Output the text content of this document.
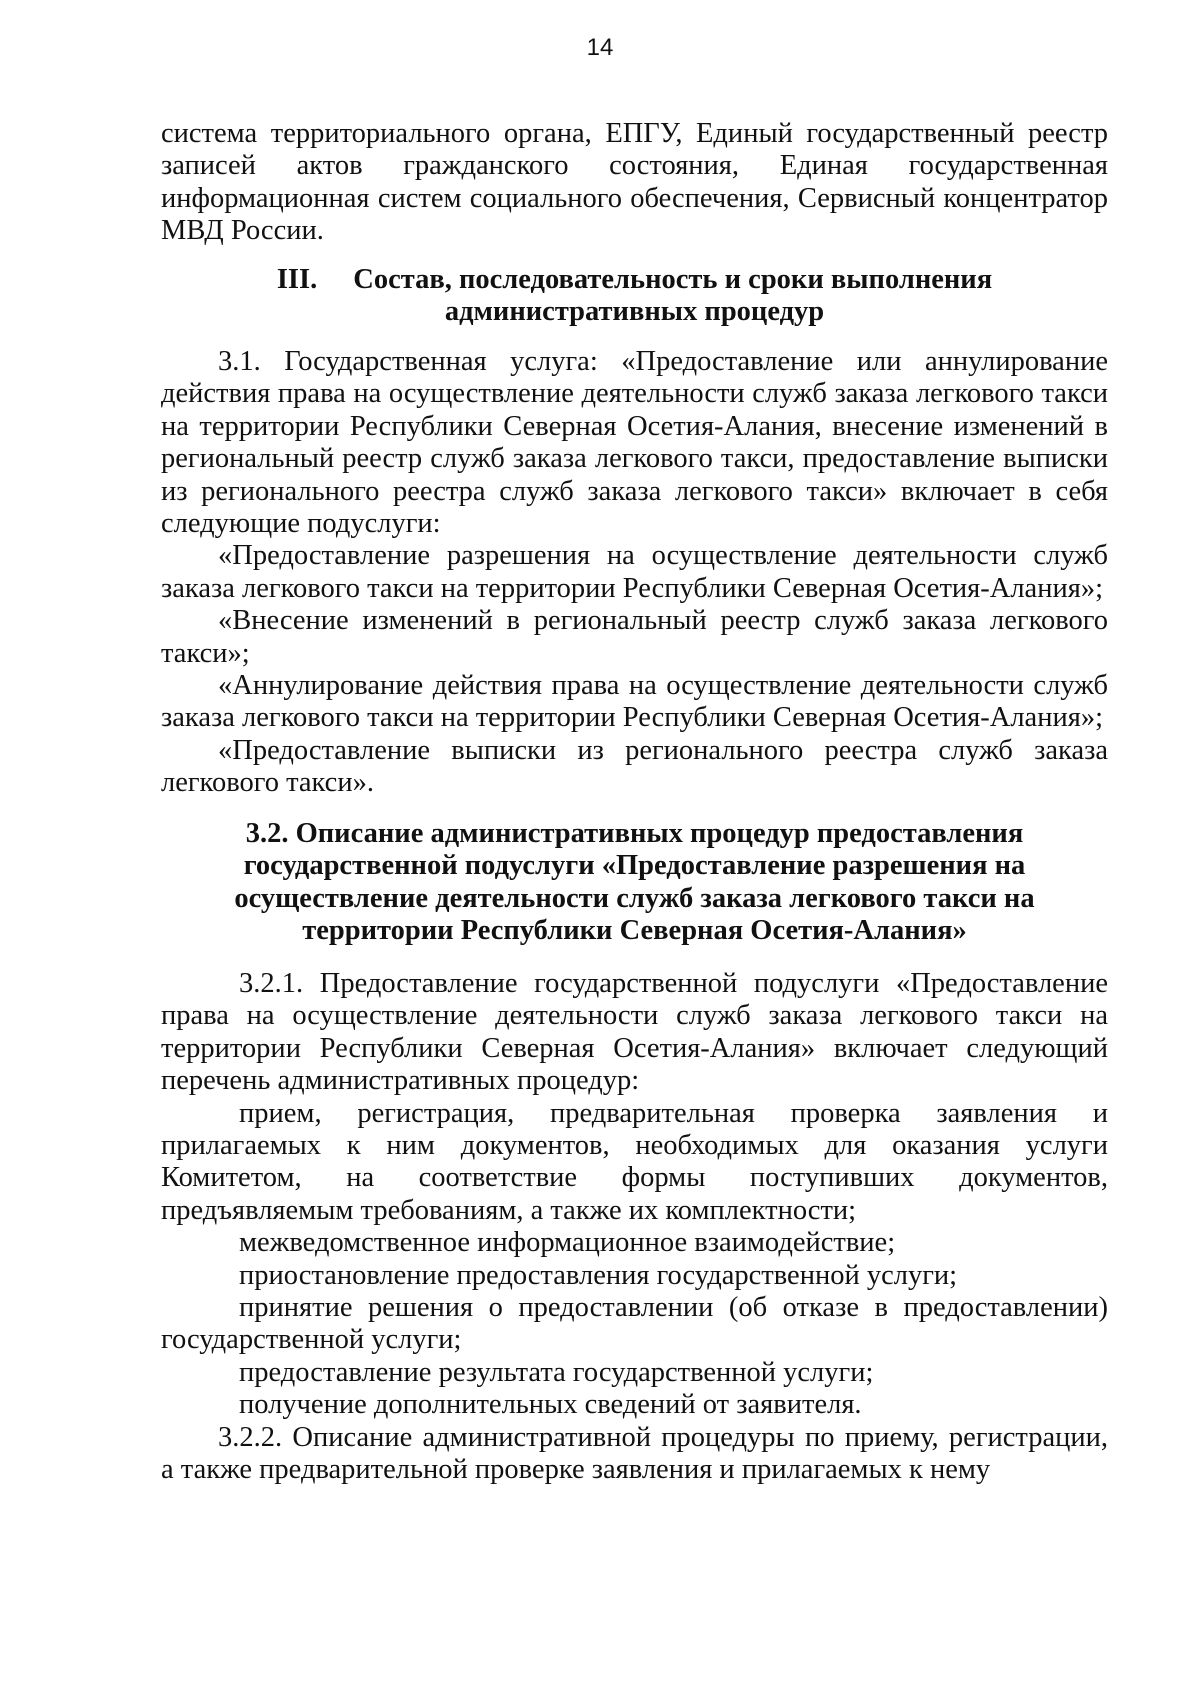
14

система территориального органа, ЕПГУ, Единый государственный реестр записей актов гражданского состояния, Единая государственная информационная систем социального обеспечения, Сервисный концентратор МВД России.

III. Состав, последовательность и сроки выполнения
административных процедур

3.1. Государственная услуга: «Предоставление или аннулирование действия права на осуществление деятельности служб заказа легкового такси на территории Республики Северная Осетия-Алания, внесение изменений в региональный реестр служб заказа легкового такси, предоставление выписки из регионального реестра служб заказа легкового такси» включает в себя следующие подуслуги:

«Предоставление разрешения на осуществление деятельности служб заказа легкового такси на территории Республики Северная Осетия-Алания»;

«Внесение изменений в региональный реестр служб заказа легкового такси»;

«Аннулирование действия права на осуществление деятельности служб заказа легкового такси на территории Республики Северная Осетия-Алания»;

«Предоставление выписки из регионального реестра служб заказа легкового такси».

3.2. Описание административных процедур предоставления
государственной подуслуги «Предоставление разрешения на
осуществление деятельности служб заказа легкового такси на
территории Республики Северная Осетия-Алания»

3.2.1. Предоставление государственной подуслуги «Предоставление права на осуществление деятельности служб заказа легкового такси на территории Республики Северная Осетия-Алания» включает следующий перечень административных процедур:

прием, регистрация, предварительная проверка заявления и прилагаемых к ним документов, необходимых для оказания услуги Комитетом, на соответствие формы поступивших документов, предъявляемым требованиям, а также их комплектности;

межведомственное информационное взаимодействие;

приостановление предоставления государственной услуги;

принятие решения о предоставлении (об отказе в предоставлении) государственной услуги;

предоставление результата государственной услуги;

получение дополнительных сведений от заявителя.

3.2.2. Описание административной процедуры по приему, регистрации, а также предварительной проверке заявления и прилагаемых к нему
